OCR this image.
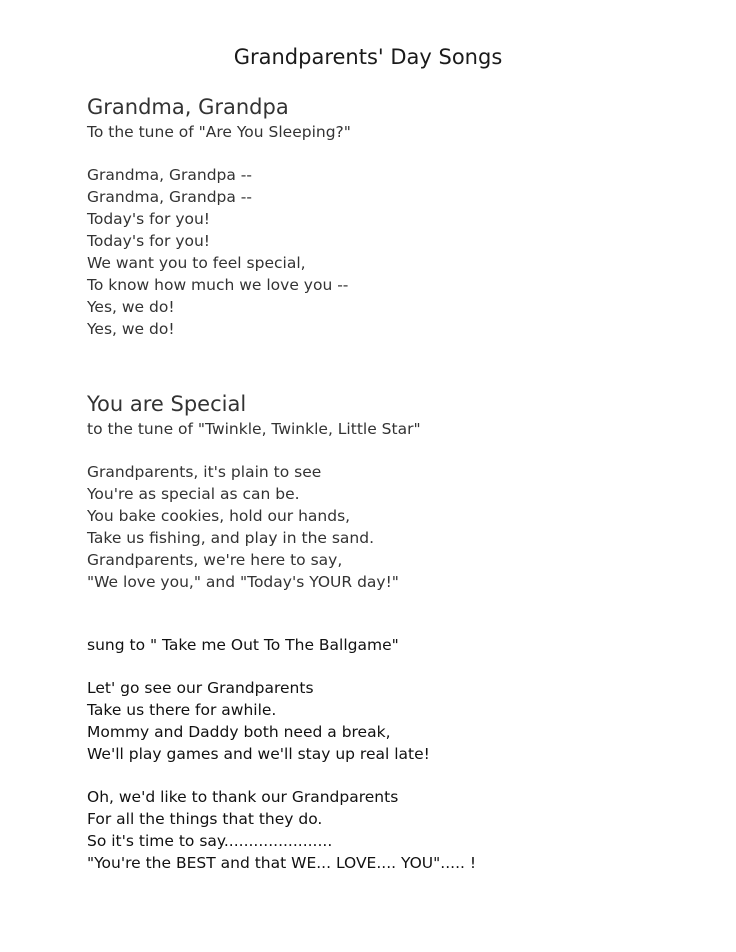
Grandparents' Day Songs
Grandma, Grandpa
To the tune of "Are You Sleeping?"
Grandma, Grandpa --
Grandma, Grandpa --
Today's for you!
Today's for you!
We want you to feel special,
To know how much we love you --
Yes, we do!
Yes, we do!
You are Special
to the tune of "Twinkle, Twinkle, Little Star"
Grandparents, it's plain to see
You're as special as can be.
You bake cookies, hold our hands,
Take us fishing, and play in the sand.
Grandparents, we're here to say,
"We love you," and "Today's YOUR day!"
sung to " Take me Out To The Ballgame"
Let' go see our Grandparents
Take us there for awhile.
Mommy and Daddy both need a break,
We'll play games and we'll stay up real late!
Oh, we'd like to thank our Grandparents
For all the things that they do.
So it's time to say......................
"You're the BEST and that WE... LOVE.... YOU"..... !
